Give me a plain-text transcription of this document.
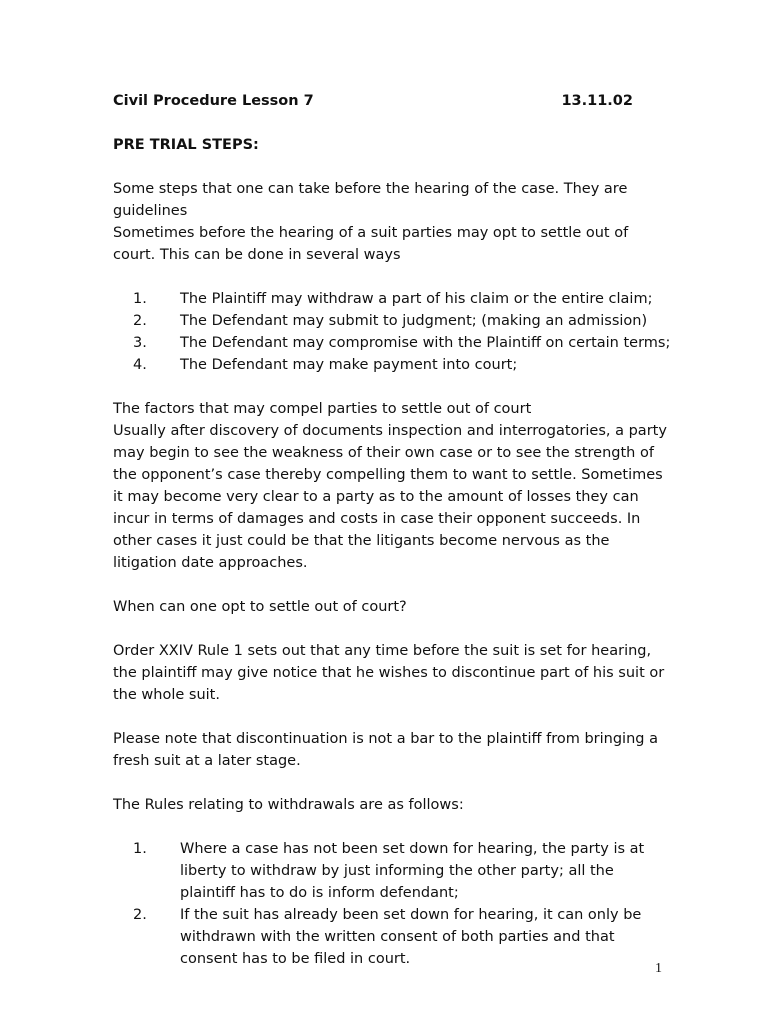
Civil Procedure Lesson 7	13.11.02

PRE TRIAL STEPS:

Some steps that one can take before the hearing of the case. They are guidelines

Sometimes before the hearing of a suit parties may opt to settle out of court. This can be done in several ways

1.	The Plaintiff may withdraw a part of his claim or the entire claim;
2.	The Defendant may submit to judgment; (making an admission)
3.	The Defendant may compromise with the Plaintiff on certain terms;
4.	The Defendant may make payment into court;

The factors that may compel parties to settle out of court

Usually after discovery of documents inspection and interrogatories, a party may begin to see the weakness of their own case or to see the strength of the opponent’s case thereby compelling them to want to settle. Sometimes it may become very clear to a party as to the amount of losses they can incur in terms of damages and costs in case their opponent succeeds. In other cases it just could be that the litigants become nervous as the litigation date approaches.

When can one opt to settle out of court?

Order XXIV Rule 1 sets out that any time before the suit is set for hearing, the plaintiff may give notice that he wishes to discontinue part of his suit or the whole suit.

Please note that discontinuation is not a bar to the plaintiff from bringing a fresh suit at a later stage.

The Rules relating to withdrawals are as follows:

1.	Where a case has not been set down for hearing, the party is at liberty to withdraw by just informing the other party; all the plaintiff has to do is inform defendant;
2.	If the suit has already been set down for hearing, it can only be withdrawn with the written consent of both parties and that consent has to be filed in court.
1
